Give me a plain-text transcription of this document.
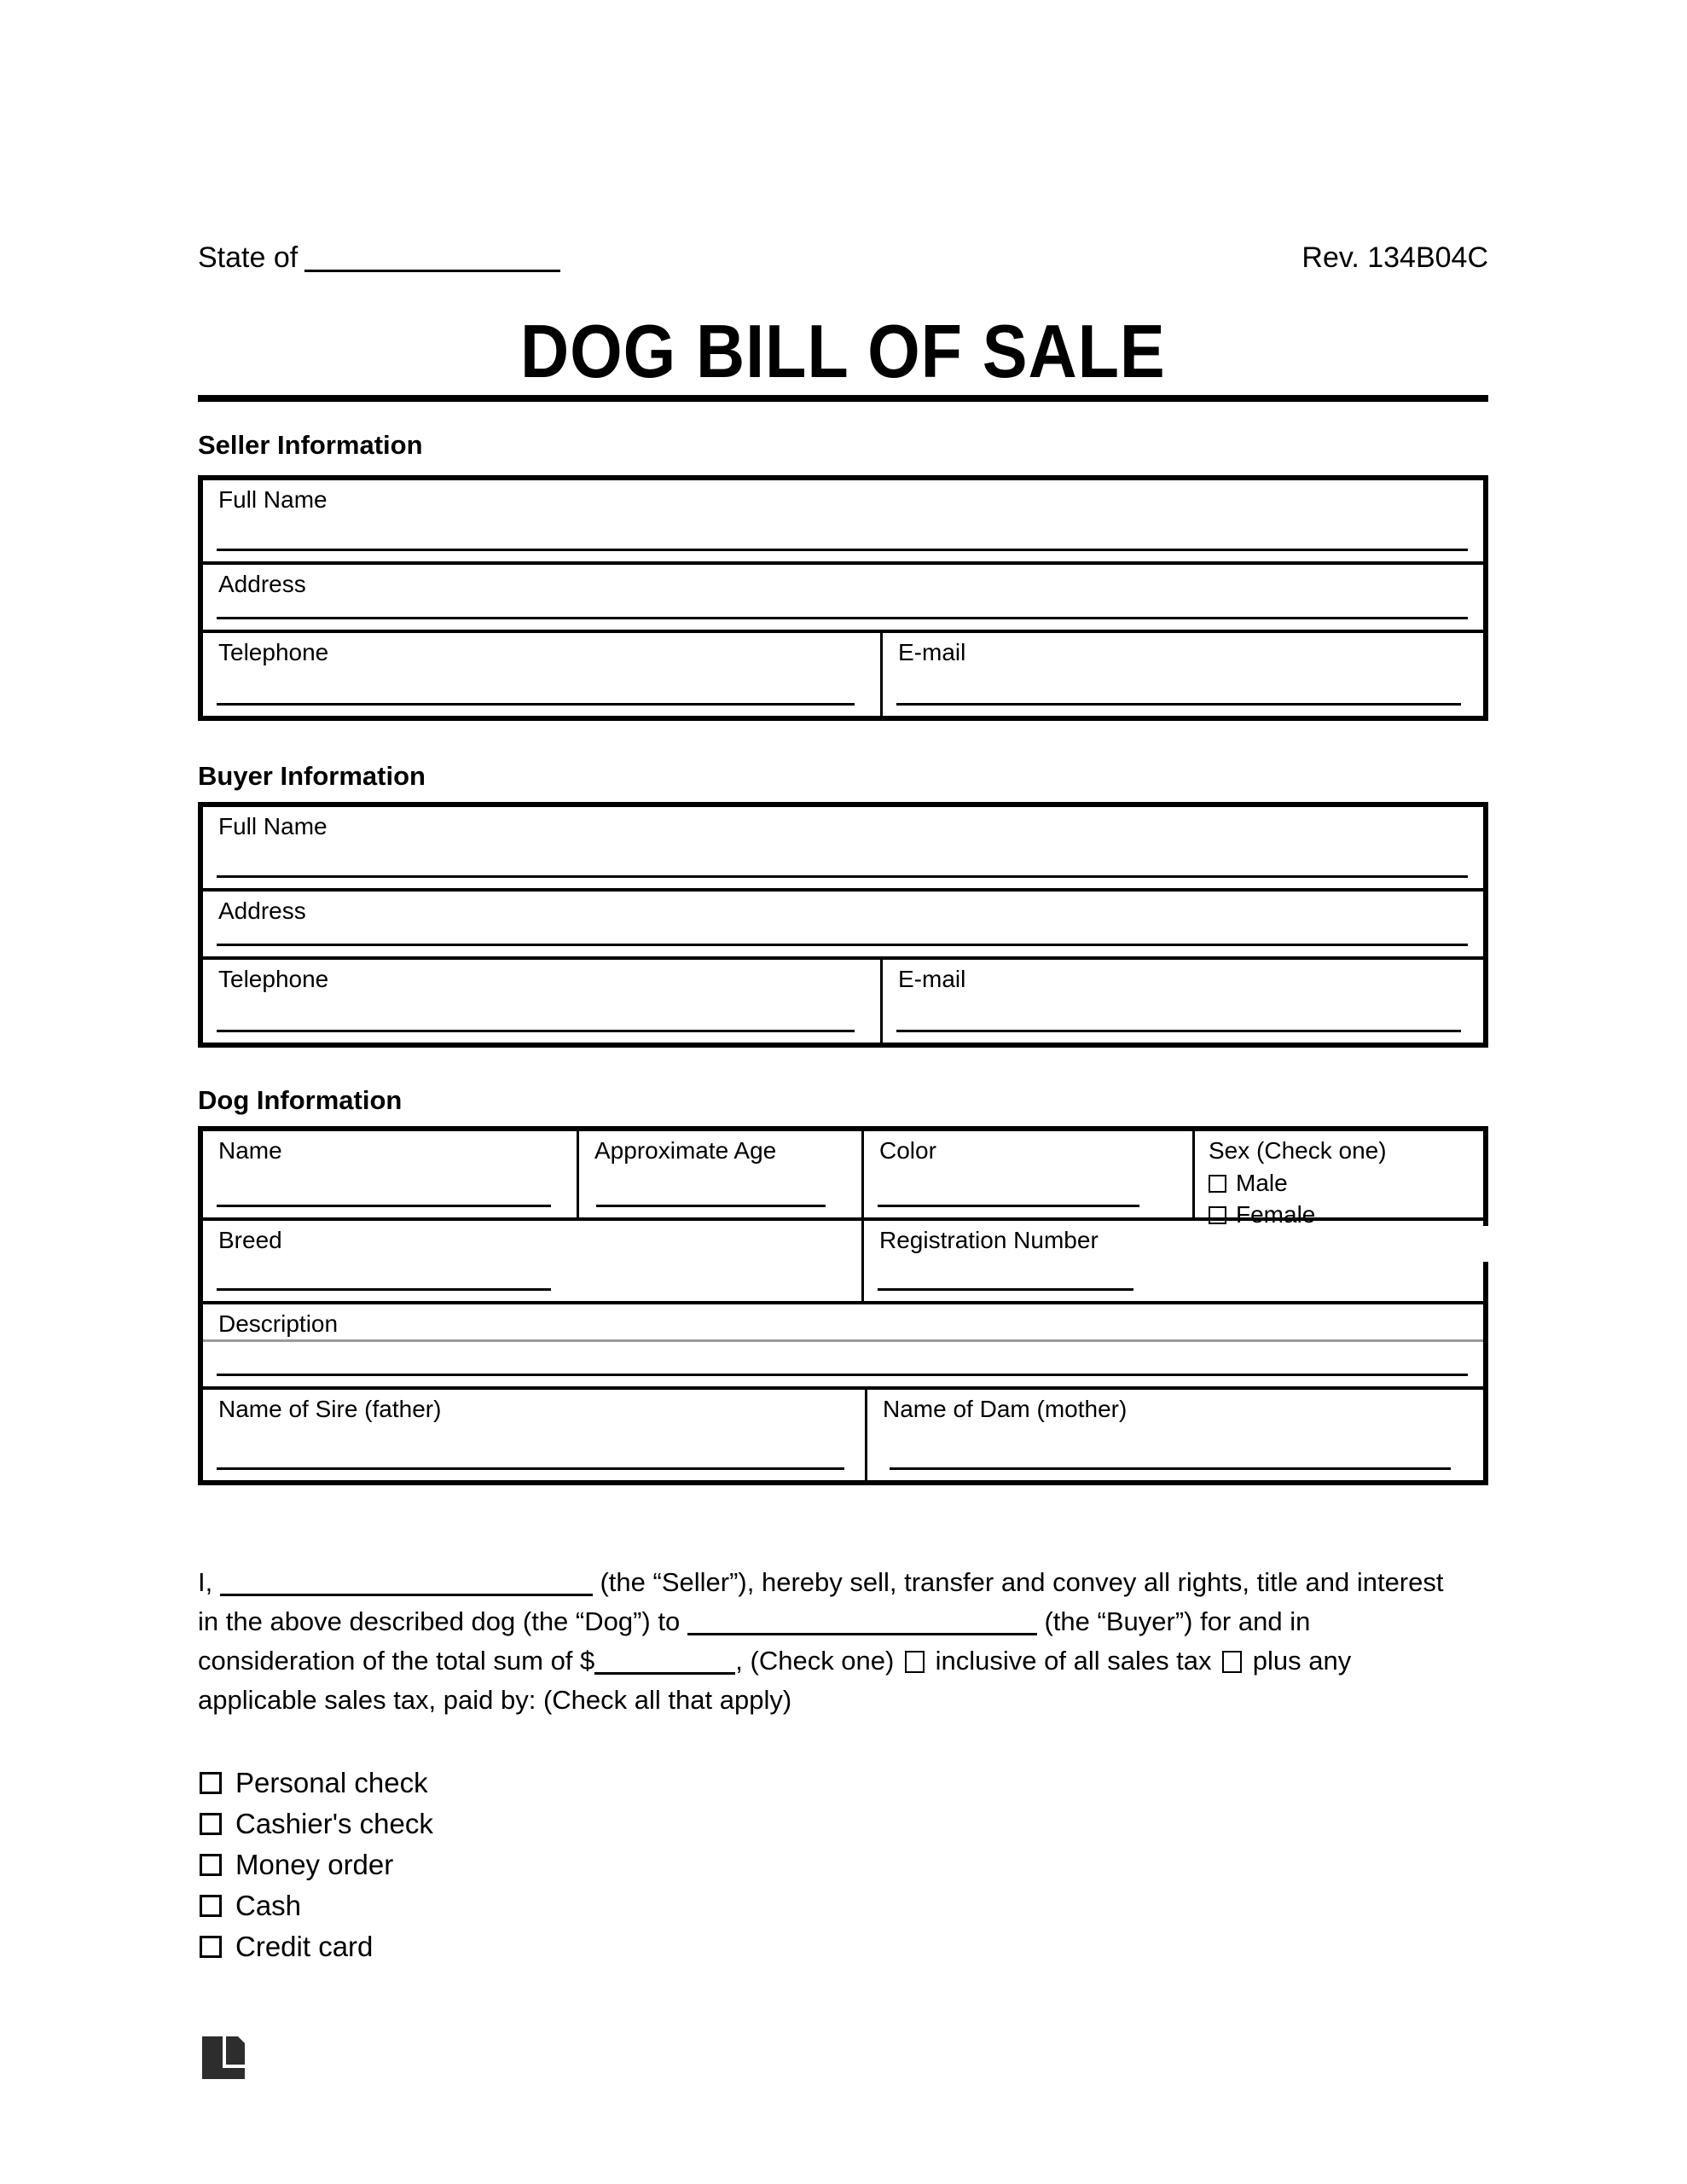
State of	Rev. 134B04C
DOG BILL OF SALE
Seller Information
Full Name
Address
Telephone	E-mail
Buyer Information
Full Name
Address
Telephone	E-mail
Dog Information
Name	Approximate Age	Color	Sex (Check one)
Male
Female
Breed	Registration Number
Description
Name of Sire (father)	Name of Dam (mother)
I,	(the “Seller”), hereby sell, transfer and convey all rights, title and interest
in the above described dog (the “Dog”) to	(the “Buyer”) for and in
consideration of the total sum of $	, (Check one) inclusive of all sales tax plus any
applicable sales tax, paid by: (Check all that apply)
Personal check
Cashier's check
Money order
Cash
Credit card
